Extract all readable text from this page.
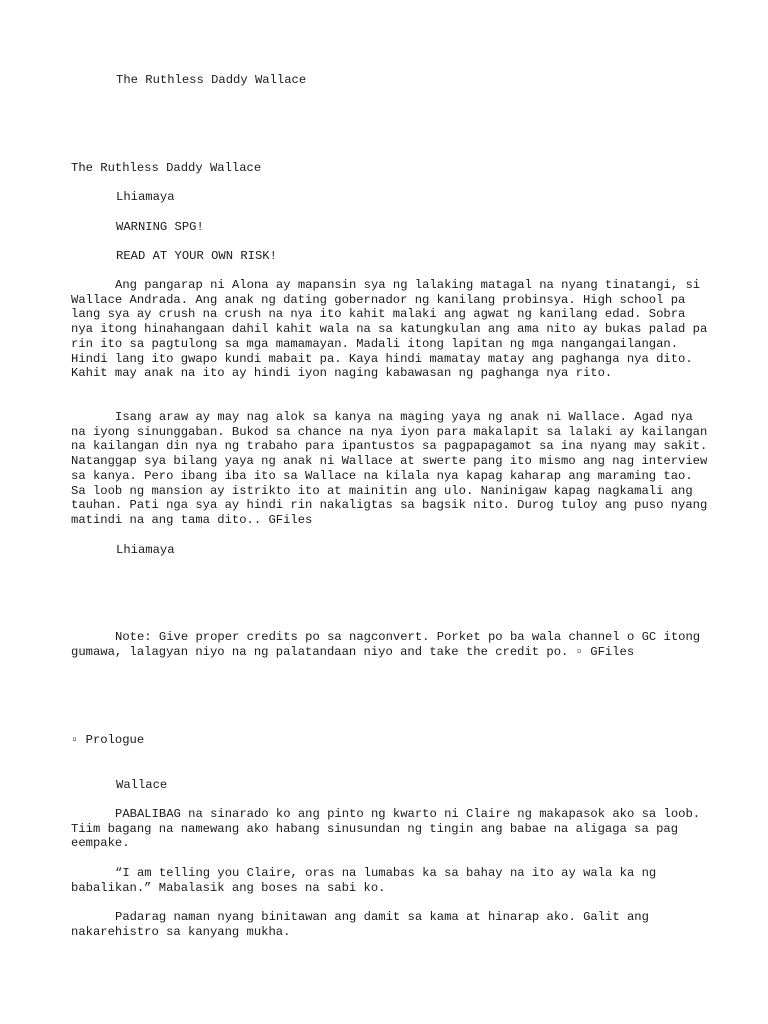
The Ruthless Daddy Wallace

The Ruthless Daddy Wallace

Lhiamaya

WARNING SPG!

READ AT YOUR OWN RISK!

Ang pangarap ni Alona ay mapansin sya ng lalaking matagal na nyang tinatangi, si Wallace Andrada. Ang anak ng dating gobernador ng kanilang probinsya. High school pa lang sya ay crush na crush na nya ito kahit malaki ang agwat ng kanilang edad. Sobra nya itong hinahangaan dahil kahit wala na sa katungkulan ang ama nito ay bukas palad pa rin ito sa pagtulong sa mga mamamayan. Madali itong lapitan ng mga nangangailangan. Hindi lang ito gwapo kundi mabait pa. Kaya hindi mamatay matay ang paghanga nya dito. Kahit may anak na ito ay hindi iyon naging kabawasan ng paghanga nya rito.

Isang araw ay may nag alok sa kanya na maging yaya ng anak ni Wallace. Agad nya na iyong sinunggaban. Bukod sa chance na nya iyon para makalapit sa lalaki ay kailangan na kailangan din nya ng trabaho para ipantustos sa pagpapagamot sa ina nyang may sakit. Natanggap sya bilang yaya ng anak ni Wallace at swerte pang ito mismo ang nag interview sa kanya. Pero ibang iba ito sa Wallace na kilala nya kapag kaharap ang maraming tao. Sa loob ng mansion ay istrikto ito at mainitin ang ulo. Naninigaw kapag nagkamali ang tauhan. Pati nga sya ay hindi rin nakaligtas sa bagsik nito. Durog tuloy ang puso nyang matindi na ang tama dito.. GFiles

Lhiamaya

Note: Give proper credits po sa nagconvert. Porket po ba wala channel o GC itong gumawa, lalagyan niyo na ng palatandaan niyo and take the credit po. ▫ GFiles

▫ Prologue

Wallace

PABALIBAG na sinarado ko ang pinto ng kwarto ni Claire ng makapasok ako sa loob. Tiim bagang na namewang ako habang sinusundan ng tingin ang babae na aligaga sa pag eempake.

“I am telling you Claire, oras na lumabas ka sa bahay na ito ay wala ka ng babalikan.” Mabalasik ang boses na sabi ko.

Padarag naman nyang binitawan ang damit sa kama at hinarap ako. Galit ang nakarehistro sa kanyang mukha.
